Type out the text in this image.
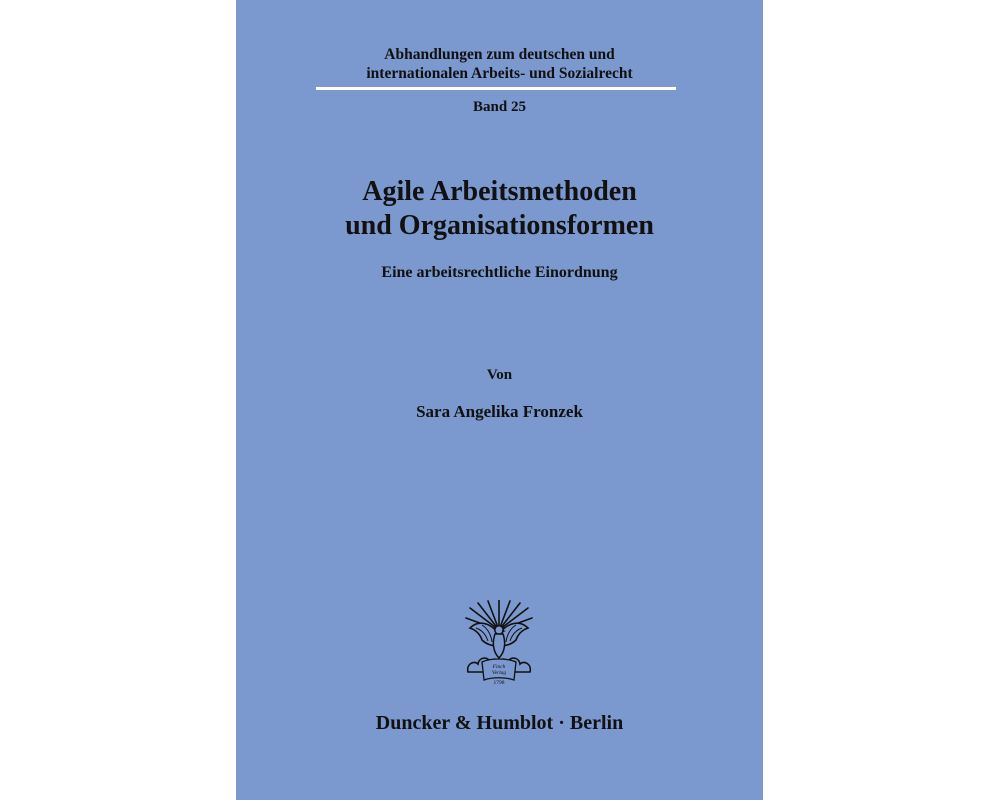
Abhandlungen zum deutschen und
internationalen Arbeits- und Sozialrecht
Band 25
Agile Arbeitsmethoden
und Organisationsformen
Eine arbeitsrechtliche Einordnung
Von
Sara Angelika Fronzek
Finch
Verlag
1798
Duncker & Humblot · Berlin
